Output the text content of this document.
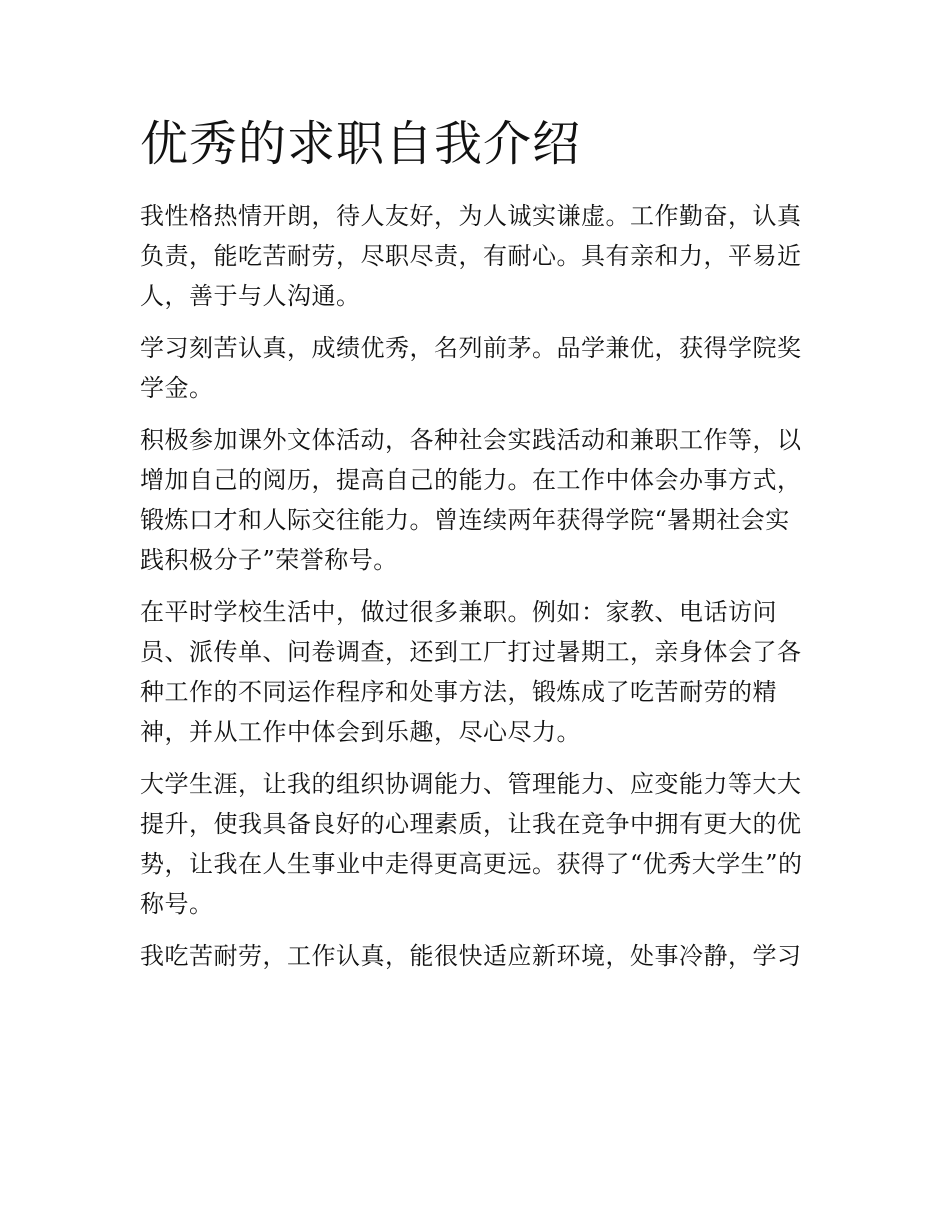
优秀的求职自我介绍
我性格热情开朗，待人友好，为人诚实谦虚。工作勤奋，认真
负责，能吃苦耐劳，尽职尽责，有耐心。具有亲和力，平易近
人，善于与人沟通。
学习刻苦认真，成绩优秀，名列前茅。品学兼优，获得学院奖
学金。
积极参加课外文体活动，各种社会实践活动和兼职工作等，以
增加自己的阅历，提高自己的能力。在工作中体会办事方式，
锻炼口才和人际交往能力。曾连续两年获得学院“暑期社会实
践积极分子”荣誉称号。
在平时学校生活中，做过很多兼职。例如：家教、电话访问
员、派传单、问卷调查，还到工厂打过暑期工，亲身体会了各
种工作的不同运作程序和处事方法，锻炼成了吃苦耐劳的精
神，并从工作中体会到乐趣，尽心尽力。
大学生涯，让我的组织协调能力、管理能力、应变能力等大大
提升，使我具备良好的心理素质，让我在竞争中拥有更大的优
势，让我在人生事业中走得更高更远。获得了“优秀大学生”的
称号。
我吃苦耐劳，工作认真，能很快适应新环境，处事冷静，学习
